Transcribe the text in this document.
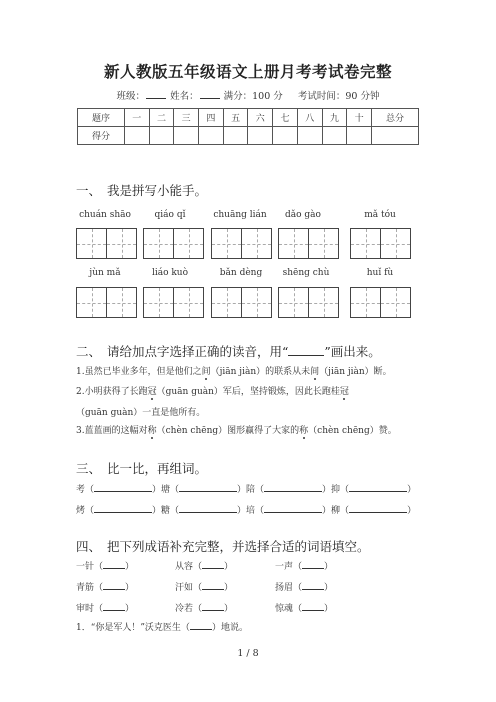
新人教版五年级语文上册月考考试卷完整
班级：	姓名：	满分：100 分 考试时间：90 分钟
题序	一	二	三	四	五	六	七	八	九	十	总分
得分											
一、 我是拼写小能手。
chuán shāo	qiáo qǐ	chuāng lián	dǎo gào	mǎ tóu
jùn mǎ	liáo kuò	bǎn dèng	shēng chù	huǐ fù
二、 请给加点字选择正确的读音，用“	”画出来。
1.虽然已毕业多年，但是他们之间（jiān jiàn）的联系从未间（jiān jiàn）断。
2.小明获得了长跑冠（guān guàn）军后，坚持锻炼，因此长跑桂冠
（guān guàn）一直是他所有。
3.蓝蓝画的这幅对称（chèn chēng）图形赢得了大家的称（chèn chēng）赞。
三、 比一比，再组词。
考（	）塘（	）陪（	）抑（	）
烤（	）糖（	）培（	）柳（	）
四、 把下列成语补充完整，并选择合适的词语填空。
一针（ ）	从容（ ）	一声（ ）
青筋（ ）	汗如（ ）	扬眉（ ）
审时（ ）	冷若（ ）	惊魂（ ）
1．“你是军人！”沃克医生（ ）地说。
1 / 8
